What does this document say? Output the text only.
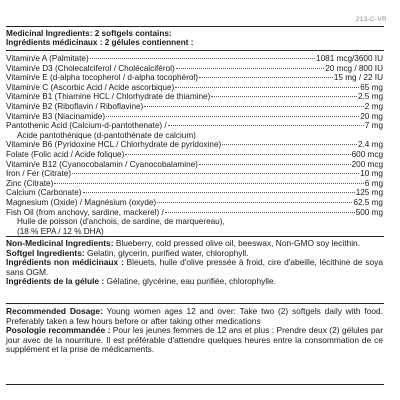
213-C-VR
Medicinal Ingredients: 2 softgels contains:
Ingrédients médicinaux : 2 gélules contiennent :
Vitamin/e A (Palmitate)	1081 mcg/3600 IU
Vitamin/e D3 (Cholecalciferol / Cholécalciférol)	20 mcg / 800 IU
Vitamin/e E (d-alpha tocopherol / d-alpha tocophérol)	15 mg / 22 IU
Vitamin/e C (Ascorbic Acid / Acide ascorbique)	65 mg
Vitamin/e B1 (Thiamine HCL / Chlorhydrate de thiamine)	2.5 mg
Vitamin/e B2 (Riboflavin / Riboflavine)	2 mg
Vitamin/e B3 (Niacinamide)	20 mg
Pantothenic Acid (Calcium-d-pantothenate) /	7 mg
Acide pantothénique (d-pantothénate de calcium)
Vitamin/e B6 (Pyridoxine HCL / Chlorhydrate de pyridoxine)	2.4 mg
Folate (Folic acid / Acide folique)	600 mcg
Vitamin/e B12 (Cyanocobalamin / Cyanocobalamine)	200 mcg
Iron / Fer (Citrate)	10 mg
Zinc (Citrate)	6 mg
Calcium (Carbonate)	125 mg
Magnesium (Oxide) / Magnésium (oxyde)	62.5 mg
Fish Oil (from anchovy, sardine, mackerel) /	500 mg
Huile de poisson (d'anchois, de sardine, de marquereau),
(18 % EPA / 12 % DHA)
Non-Medicinal Ingredients: Blueberry, cold pressed olive oil, beeswax, Non-GMO soy lecithin.
Softgel Ingredients: Gelatin, glycerin, purified water, chlorophyll.
Ingrédients non médicinaux : Bleuets, huile d'olive pressée à froid, cire d'abeille, lécithine de soya sans OGM.
Ingrédients de la gélule : Gélatine, glycérine, eau purifiée, chlorophylle.
Recommended Dosage: Young women ages 12 and over: Take two (2) softgels daily with food. Preferably taken a few hours before or after taking other medications
Posologie recommandée : Pour les jeunes femmes de 12 ans et plus : Prendre deux (2) gélules par jour avec de la nourriture. Il est préférable d'attendre quelques heures entre la consommation de ce supplément et la prise de médicaments.
